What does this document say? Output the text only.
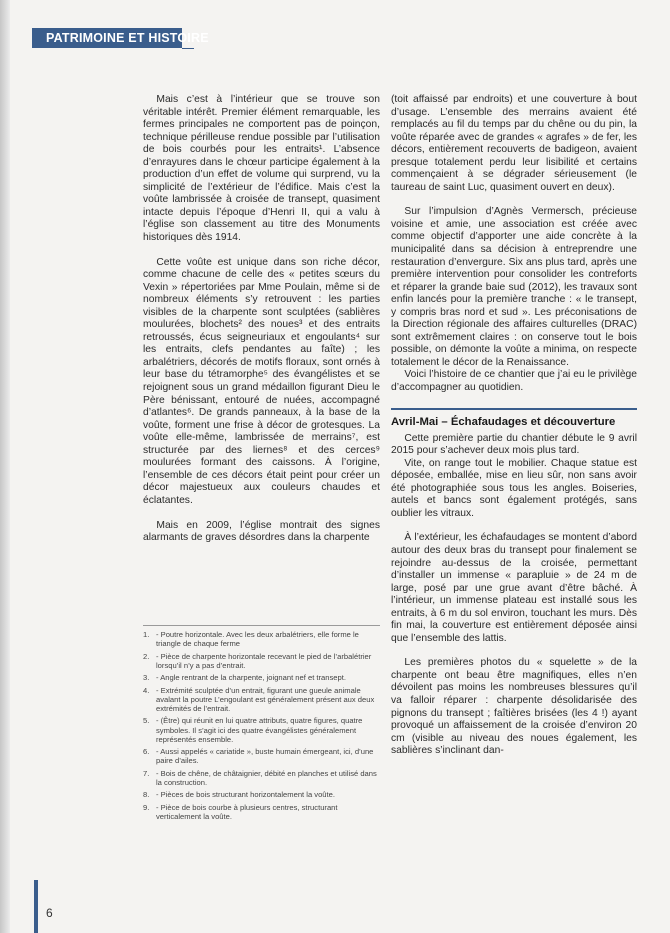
PATRIMOINE ET HISTOIRE

Mais c’est à l’intérieur que se trouve son véritable intérêt. Premier élément remarquable, les fermes principales ne comportent pas de poinçon, technique périlleuse rendue possible par l’utilisation de bois courbés pour les entraits¹. L’absence d’enrayures dans le chœur participe également à la production d’un effet de volume qui surprend, vu la simplicité de l’extérieur de l’édifice. Mais c’est la voûte lambrissée à croisée de transept, quasiment intacte depuis l’époque d’Henri II, qui a valu à l’église son classement au titre des Monuments historiques dès 1914.

Cette voûte est unique dans son riche décor, comme chacune de celle des « petites sœurs du Vexin » répertoriées par Mme Poulain, même si de nombreux éléments s’y retrouvent : les parties visibles de la charpente sont sculptées (sablières moulurées, blochets² des noues³ et des entraits retroussés, écus seigneuriaux et engoulants⁴ sur les entraits, clefs pendantes au faîte) ; les arbalétriers, décorés de motifs floraux, sont ornés à leur base du tétramorphe⁵ des évangélistes et se rejoignent sous un grand médaillon figurant Dieu le Père bénissant, entouré de nuées, accompagné d’atlantes⁶. De grands panneaux, à la base de la voûte, forment une frise à décor de grotesques. La voûte elle-même, lambrissée de merrains⁷, est structurée par des liernes⁸ et des cerces⁹ moulurées formant des caissons. À l’origine, l’ensemble de ces décors était peint pour créer un décor majestueux aux couleurs chaudes et éclatantes.

Mais en 2009, l’église montrait des signes alarmants de graves désordres dans la charpente

1. - Poutre horizontale. Avec les deux arbalétriers, elle forme le triangle de chaque ferme
2. - Pièce de charpente horizontale recevant le pied de l’arbalétrier lorsqu’il n’y a pas d’entrait.
3. - Angle rentrant de la charpente, joignant nef et transept.
4. - Extrémité sculptée d’un entrait, figurant une gueule animale avalant la poutre L’engoulant est généralement présent aux deux extrémités de l’entrait.
5. - (Être) qui réunit en lui quatre attributs, quatre figures, quatre symboles. Il s’agit ici des quatre évangélistes généralement représentés ensemble.
6. - Aussi appelés « cariatide », buste humain émergeant, ici, d’une paire d’ailes.
7. - Bois de chêne, de châtaignier, débité en planches et utilisé dans la construction.
8. - Pièces de bois structurant horizontalement la voûte.
9. - Pièce de bois courbe à plusieurs centres, structurant verticalement la voûte.

(toit affaissé par endroits) et une couverture à bout d’usage. L’ensemble des merrains avaient été remplacés au fil du temps par du chêne ou du pin, la voûte réparée avec de grandes « agrafes » de fer, les décors, entièrement recouverts de badigeon, avaient presque totalement perdu leur lisibilité et certains commençaient à se dégrader sérieusement (le taureau de saint Luc, quasiment ouvert en deux).

Sur l’impulsion d’Agnès Vermersch, précieuse voisine et amie, une association est créée avec comme objectif d’apporter une aide concrète à la municipalité dans sa décision à entreprendre une restauration d’envergure. Six ans plus tard, après une première intervention pour consolider les contreforts et réparer la grande baie sud (2012), les travaux sont enfin lancés pour la première tranche : « le transept, y compris bras nord et sud ». Les préconisations de la Direction régionale des affaires culturelles (DRAC) sont extrêmement claires : on conserve tout le bois possible, on démonte la voûte a minima, on respecte totalement le décor de la Renaissance.

Voici l’histoire de ce chantier que j’ai eu le privilège d’accompagner au quotidien.

Avril-Mai – Échafaudages et découverture

Cette première partie du chantier débute le 9 avril 2015 pour s’achever deux mois plus tard.

Vite, on range tout le mobilier. Chaque statue est déposée, emballée, mise en lieu sûr, non sans avoir été photographiée sous tous les angles. Boiseries, autels et bancs sont également protégés, sans oublier les vitraux.

À l’extérieur, les échafaudages se montent d’abord autour des deux bras du transept pour finalement se rejoindre au-dessus de la croisée, permettant d’installer un immense « parapluie » de 24 m de large, posé par une grue avant d’être bâché. À l’intérieur, un immense plateau est installé sous les entraits, à 6 m du sol environ, touchant les murs. Dès fin mai, la couverture est entièrement déposée ainsi que l’ensemble des lattis.

Les premières photos du « squelette » de la charpente ont beau être magnifiques, elles n’en dévoilent pas moins les nombreuses blessures qu’il va falloir réparer : charpente désolidarisée des pignons du transept ; faîtières brisées (les 4 !) ayant provoqué un affaissement de la croisée d’environ 20 cm (visible au niveau des noues également, les sablières s’inclinant dan-

6
